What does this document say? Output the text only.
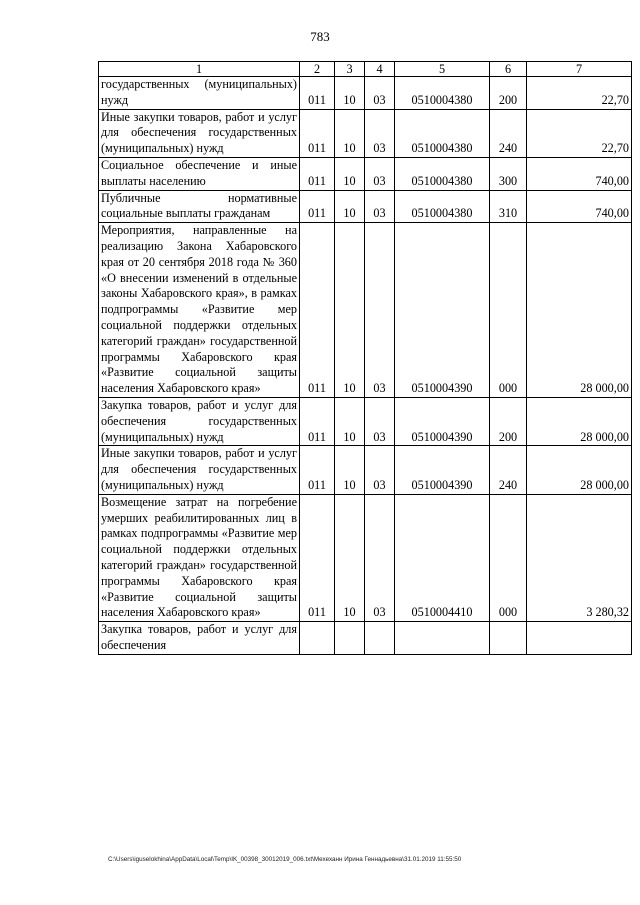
783
1	2	3	4	5	6	7
государственных (муниципальных) нужд	011	10	03	0510004380	200	22,70
Иные закупки товаров, работ и услуг для обеспечения государственных (муниципальных) нужд	011	10	03	0510004380	240	22,70
Социальное обеспечение и иные выплаты населению	011	10	03	0510004380	300	740,00
Публичные нормативные социальные выплаты гражданам	011	10	03	0510004380	310	740,00
Мероприятия, направленные на реализацию Закона Хабаровского края от 20 сентября 2018 года № 360 «О внесении изменений в отдельные законы Хабаровского края», в рамках подпрограммы «Развитие мер социальной поддержки отдельных категорий граждан» государственной программы Хабаровского края «Развитие социальной защиты населения Хабаровского края»	011	10	03	0510004390	000	28 000,00
Закупка товаров, работ и услуг для обеспечения государственных (муниципальных) нужд	011	10	03	0510004390	200	28 000,00
Иные закупки товаров, работ и услуг для обеспечения государственных (муниципальных) нужд	011	10	03	0510004390	240	28 000,00
Возмещение затрат на погребение умерших реабилитированных лиц в рамках подпрограммы «Развитие мер социальной поддержки отдельных категорий граждан» государственной программы Хабаровского края «Развитие социальной защиты населения Хабаровского края»	011	10	03	0510004410	000	3 280,32
Закупка товаров, работ и услуг для обеспечения						
C:\Users\iguselokhina\AppData\Local\Temp\IK_00398_30012019_006.txt\Мехеханн Ирина Геннадьевна\31.01.2019 11:55:50
